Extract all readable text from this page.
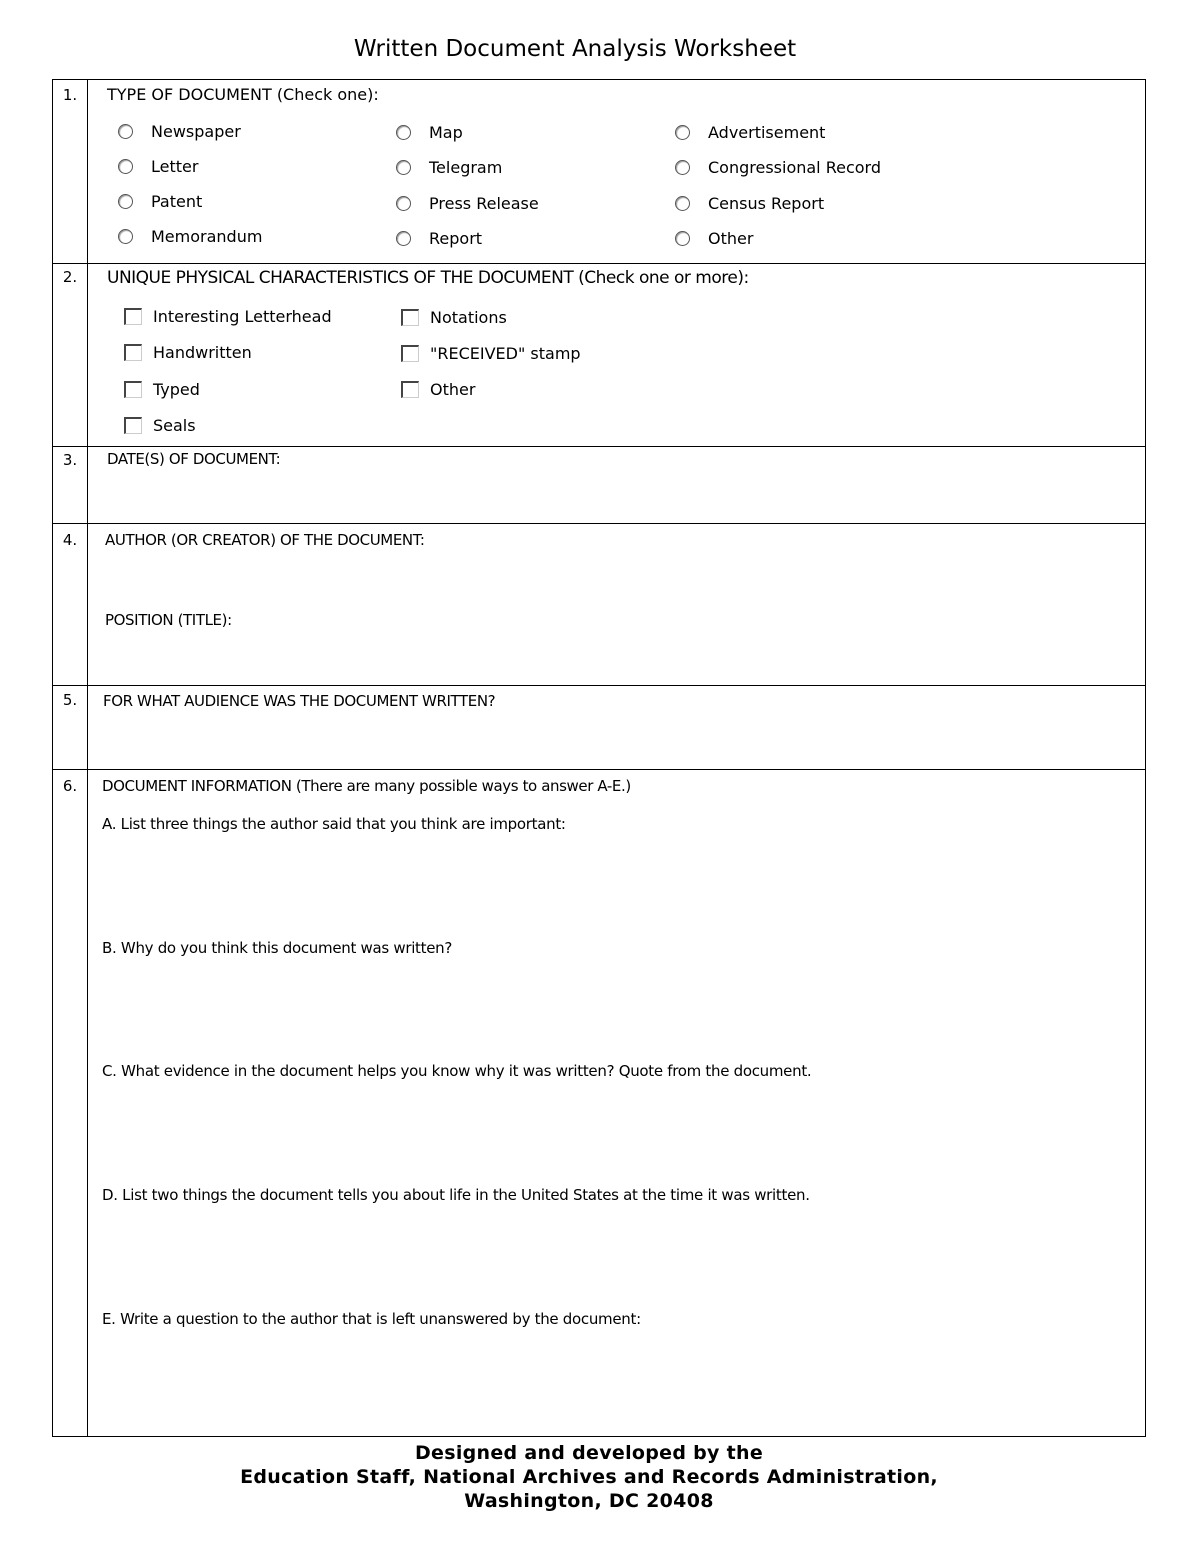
Written Document Analysis Worksheet
1.	TYPE OF DOCUMENT (Check one):
Newspaper
Letter
Patent
Memorandum
Map
Telegram
Press Release
Report
Advertisement
Congressional Record
Census Report
Other
2.	UNIQUE PHYSICAL CHARACTERISTICS OF THE DOCUMENT (Check one or more):
Interesting Letterhead
Handwritten
Typed
Seals
Notations
"RECEIVED" stamp
Other
3.	DATE(S) OF DOCUMENT:
4.	AUTHOR (OR CREATOR) OF THE DOCUMENT:
POSITION (TITLE):
5.	FOR WHAT AUDIENCE WAS THE DOCUMENT WRITTEN?
6.	DOCUMENT INFORMATION (There are many possible ways to answer A-E.)
A. List three things the author said that you think are important:
B. Why do you think this document was written?
C. What evidence in the document helps you know why it was written? Quote from the document.
D. List two things the document tells you about life in the United States at the time it was written.
E. Write a question to the author that is left unanswered by the document:
Designed and developed by the
Education Staff, National Archives and Records Administration,
Washington, DC 20408
